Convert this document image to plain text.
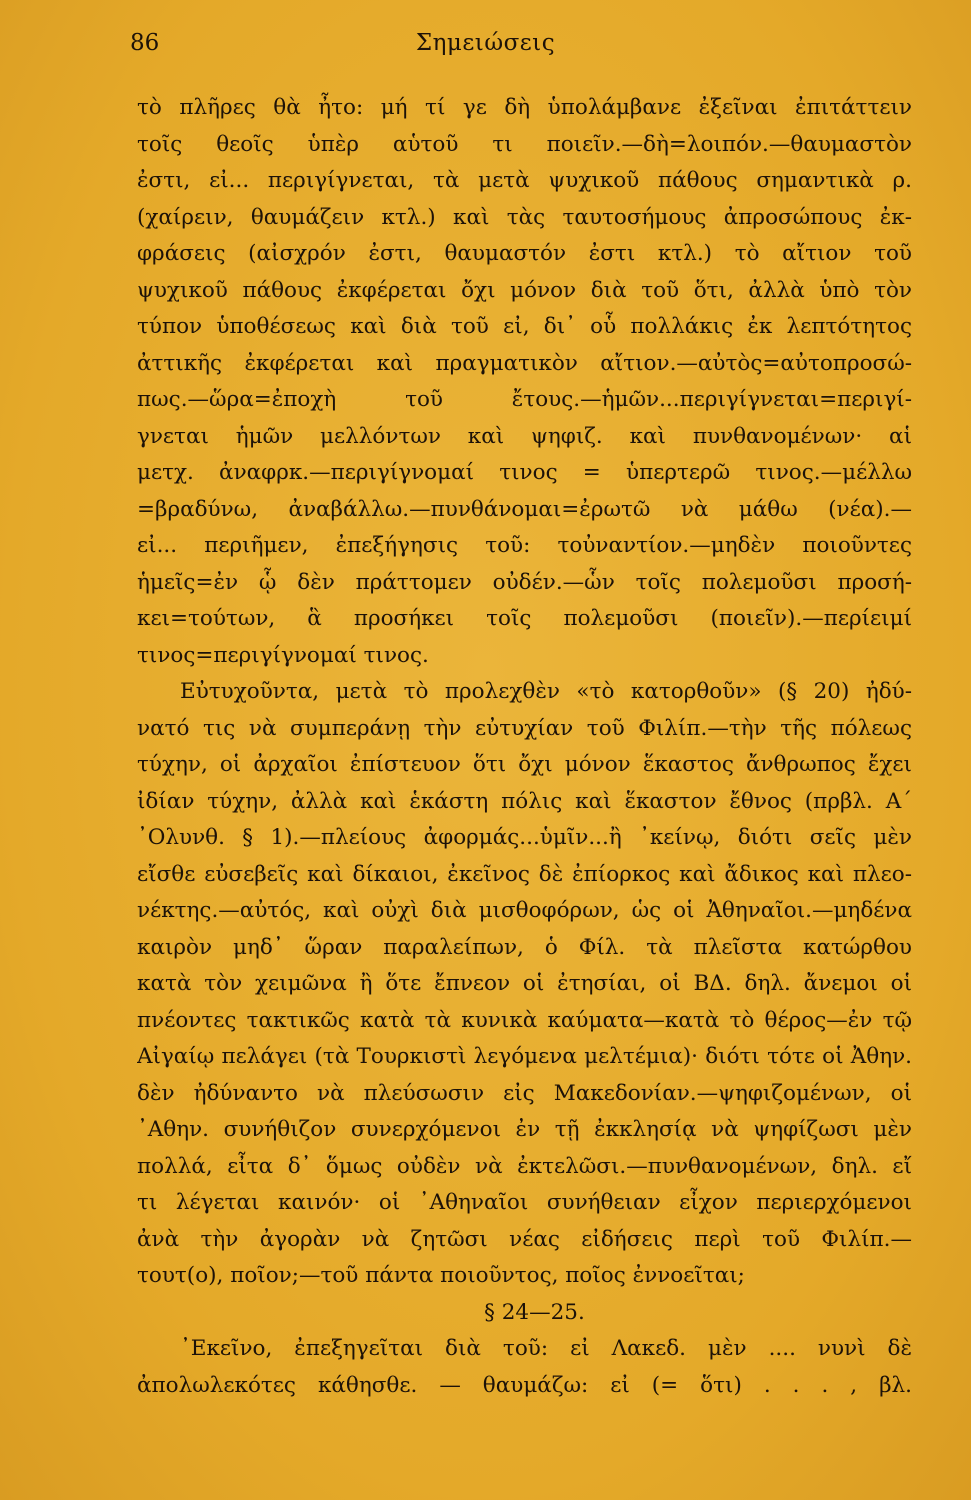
86	Σημειώσεις
τὸ πλῆρες θὰ ἦτο: μή τί γε δὴ ὑπολάμβανε ἐξεῖναι ἐπιτάττειν
τοῖς θεοῖς ὑπὲρ αὑτοῦ τι ποιεῖν.—δὴ=λοιπόν.—θαυμαστὸν
ἐστι, εἰ... περιγίγνεται, τὰ μετὰ ψυχικοῦ πάθους σημαντικὰ ρ.
(χαίρειν, θαυμάζειν κτλ.) καὶ τὰς ταυτοσήμους ἀπροσώπους ἐκ-
φράσεις (αἰσχρόν ἐστι, θαυμαστόν ἐστι κτλ.) τὸ αἴτιον τοῦ
ψυχικοῦ πάθους ἐκφέρεται ὄχι μόνον διὰ τοῦ ὅτι, ἀλλὰ ὑπὸ τὸν
τύπον ὑποθέσεως καὶ διὰ τοῦ εἰ, δι᾽ οὗ πολλάκις ἐκ λεπτότητος
ἀττικῆς ἐκφέρεται καὶ πραγματικὸν αἴτιον.—αὐτὸς=αὐτοπροσώ-
πως.—ὥρα=ἐποχὴ τοῦ ἔτους.—ἡμῶν...περιγίγνεται=περιγί-
γνεται ἡμῶν μελλόντων καὶ ψηφιζ. καὶ πυνθανομένων· αἱ
μετχ. ἀναφρκ.—περιγίγνομαί τινος = ὑπερτερῶ τινος.—μέλλω
=βραδύνω, ἀναβάλλω.—πυνθάνομαι=ἐρωτῶ νὰ μάθω (νέα).—
εἰ... περιῆμεν, ἐπεξήγησις τοῦ: τοὐναντίον.—μηδὲν ποιοῦντες
ἡμεῖς=ἐν ᾧ δὲν πράττομεν οὐδέν.—ὧν τοῖς πολεμοῦσι προσή-
κει=τούτων, ἃ προσήκει τοῖς πολεμοῦσι (ποιεῖν).—περίειμί
τινος=περιγίγνομαί τινος.
Εὐτυχοῦντα, μετὰ τὸ προλεχθὲν «τὸ κατορθοῦν» (§ 20) ἠδύ-
νατό τις νὰ συμπεράνῃ τὴν εὐτυχίαν τοῦ Φιλίπ.—τὴν τῆς πόλεως
τύχην, οἱ ἀρχαῖοι ἐπίστευον ὅτι ὄχι μόνον ἕκαστος ἄνθρωπος ἔχει
ἰδίαν τύχην, ἀλλὰ καὶ ἑκάστη πόλις καὶ ἕκαστον ἔθνος (πρβλ. Α´
᾿Ολυνθ. § 1).—πλείους ἀφορμάς...ὑμῖν...ἢ ᾿κείνῳ, διότι σεῖς μὲν
εἴσθε εὐσεβεῖς καὶ δίκαιοι, ἐκεῖνος δὲ ἐπίορκος καὶ ἄδικος καὶ πλεο-
νέκτης.—αὐτός, καὶ οὐχὶ διὰ μισθοφόρων, ὡς οἱ Ἀθηναῖοι.—μηδένα
καιρὸν μηδ᾽ ὥραν παραλείπων, ὁ Φίλ. τὰ πλεῖστα κατώρθου
κατὰ τὸν χειμῶνα ἢ ὅτε ἔπνεον οἱ ἐτησίαι, οἱ ΒΔ. δηλ. ἄνεμοι οἱ
πνέοντες τακτικῶς κατὰ τὰ κυνικὰ καύματα—κατὰ τὸ θέρος—ἐν τῷ
Αἰγαίῳ πελάγει (τὰ Τουρκιστὶ λεγόμενα μελτέμια)· διότι τότε οἱ Ἀθην.
δὲν ἠδύναντο νὰ πλεύσωσιν εἰς Μακεδονίαν.—ψηφιζομένων, οἱ
᾿Αθην. συνήθιζον συνερχόμενοι ἐν τῇ ἐκκλησίᾳ νὰ ψηφίζωσι μὲν
πολλά, εἶτα δ᾽ ὅμως οὐδὲν νὰ ἐκτελῶσι.—πυνθανομένων, δηλ. εἴ
τι λέγεται καινόν· οἱ ᾿Αθηναῖοι συνήθειαν εἶχον περιερχόμενοι
ἀνὰ τὴν ἀγορὰν νὰ ζητῶσι νέας εἰδήσεις περὶ τοῦ Φιλίπ.—
τουτ(ο), ποῖον;—τοῦ πάντα ποιοῦντος, ποῖος ἐννοεῖται;
§ 24—25.
᾿Εκεῖνο, ἐπεξηγεῖται διὰ τοῦ: εἰ Λακεδ. μὲν .... νυνὶ δὲ
ἀπολωλεκότες κάθησθε. — θαυμάζω: εἰ (= ὅτι) . . . , βλ.
